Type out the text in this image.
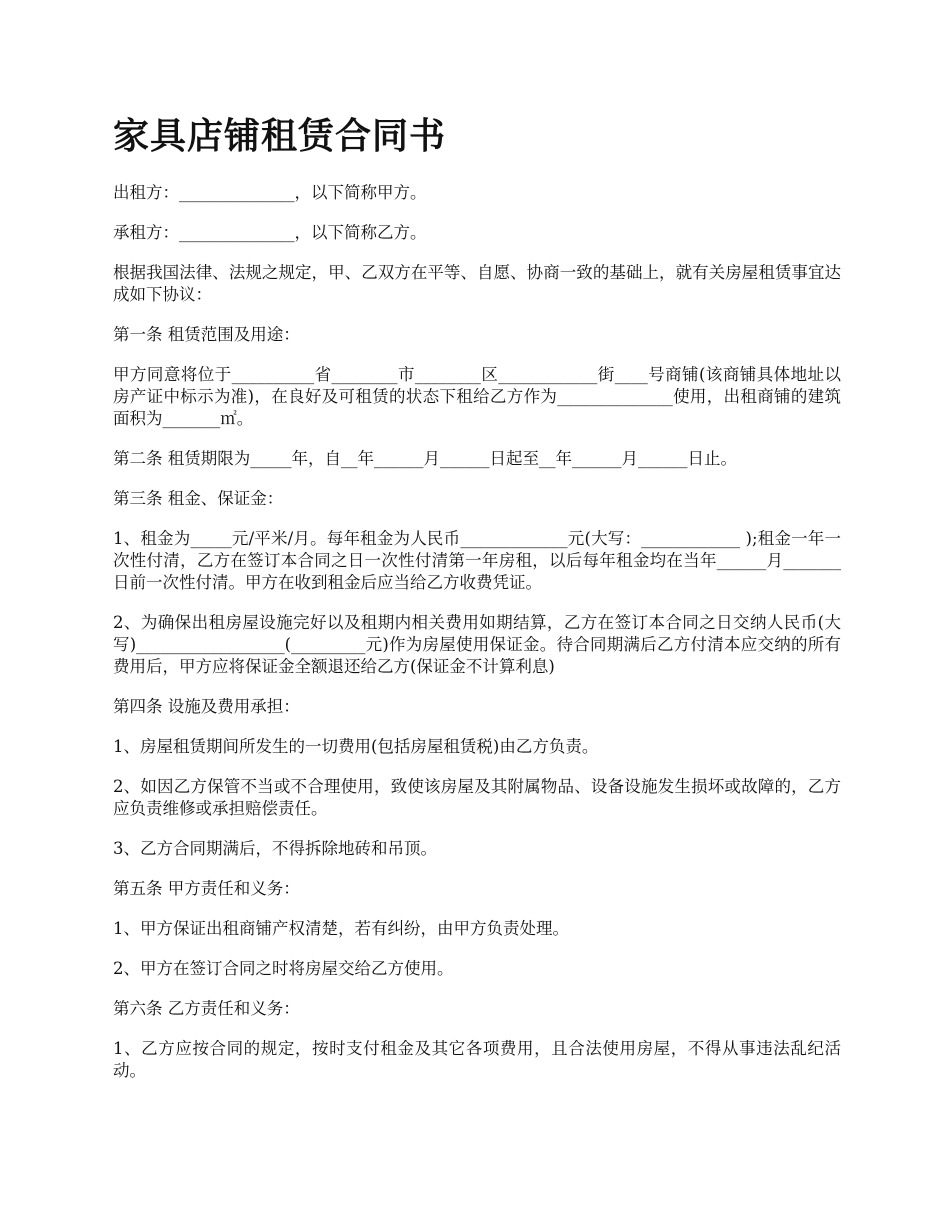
家具店铺租赁合同书

出租方：______________，以下简称甲方。

承租方：______________，以下简称乙方。

根据我国法律、法规之规定，甲、乙双方在平等、自愿、协商一致的基础上，就有关房屋租赁事宜达成如下协议：

第一条 租赁范围及用途：

甲方同意将位于__________省________市________区____________街____号商铺(该商铺具体地址以房产证中标示为准)，在良好及可租赁的状态下租给乙方作为______________使用，出租商铺的建筑面积为_______㎡。

第二条 租赁期限为_____年，自__年______月______日起至__年______月______日止。

第三条 租金、保证金：

1、租金为_____元/平米/月。每年租金为人民币_____________元(大写：____________ );租金一年一次性付清，乙方在签订本合同之日一次性付清第一年房租，以后每年租金均在当年______月_______日前一次性付清。甲方在收到租金后应当给乙方收费凭证。

2、为确保出租房屋设施完好以及租期内相关费用如期结算，乙方在签订本合同之日交纳人民币(大写)__________________(_________元)作为房屋使用保证金。待合同期满后乙方付清本应交纳的所有费用后，甲方应将保证金全额退还给乙方(保证金不计算利息)

第四条 设施及费用承担：

1、房屋租赁期间所发生的一切费用(包括房屋租赁税)由乙方负责。

2、如因乙方保管不当或不合理使用，致使该房屋及其附属物品、设备设施发生损坏或故障的，乙方应负责维修或承担赔偿责任。

3、乙方合同期满后，不得拆除地砖和吊顶。

第五条 甲方责任和义务：

1、甲方保证出租商铺产权清楚，若有纠纷，由甲方负责处理。

2、甲方在签订合同之时将房屋交给乙方使用。

第六条 乙方责任和义务：

1、乙方应按合同的规定，按时支付租金及其它各项费用，且合法使用房屋，不得从事违法乱纪活动。
